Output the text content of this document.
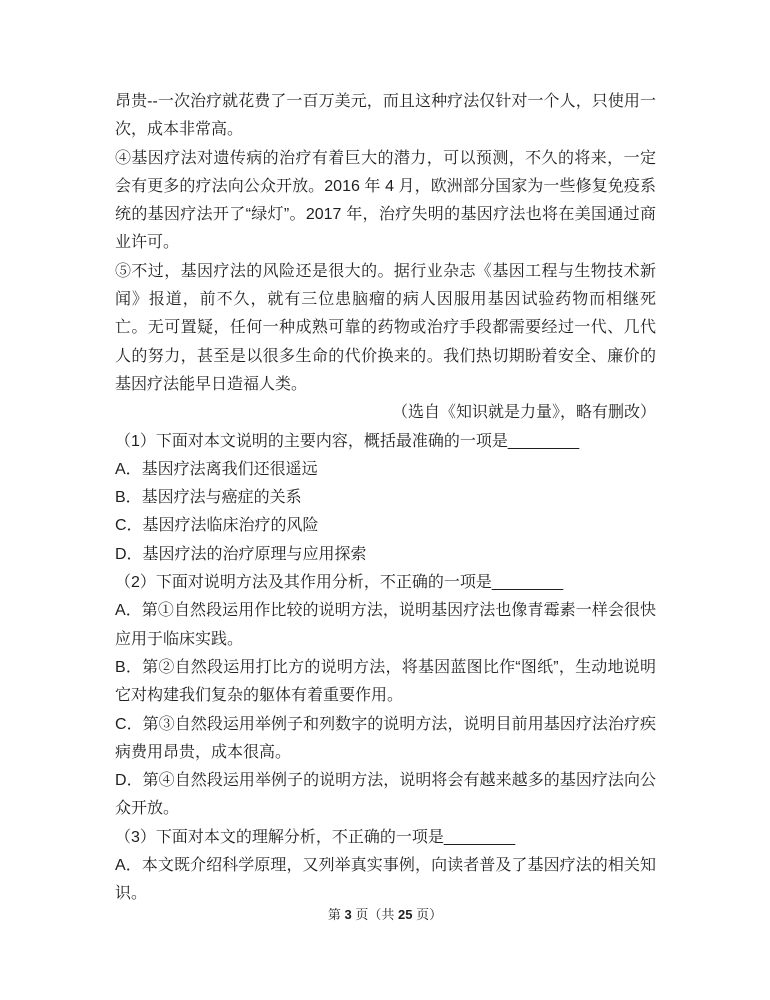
昂贵--一次治疗就花费了一百万美元，而且这种疗法仅针对一个人，只使用一次，成本非常高。

④基因疗法对遗传病的治疗有着巨大的潜力，可以预测，不久的将来，一定会有更多的疗法向公众开放。2016 年 4 月，欧洲部分国家为一些修复免疫系统的基因疗法开了“绿灯”。2017 年，治疗失明的基因疗法也将在美国通过商业许可。

⑤不过，基因疗法的风险还是很大的。据行业杂志《基因工程与生物技术新闻》报道，前不久，就有三位患脑瘤的病人因服用基因试验药物而相继死亡。无可置疑，任何一种成熟可靠的药物或治疗手段都需要经过一代、几代人的努力，甚至是以很多生命的代价换来的。我们热切期盼着安全、廉价的基因疗法能早日造福人类。

（选自《知识就是力量》，略有删改）

（1）下面对本文说明的主要内容，概括最准确的一项是________

A．基因疗法离我们还很遥远

B．基因疗法与癌症的关系

C．基因疗法临床治疗的风险

D．基因疗法的治疗原理与应用探索

（2）下面对说明方法及其作用分析，不正确的一项是________

A．第①自然段运用作比较的说明方法，说明基因疗法也像青霉素一样会很快应用于临床实践。

B．第②自然段运用打比方的说明方法，将基因蓝图比作“图纸”，生动地说明它对构建我们复杂的躯体有着重要作用。

C．第③自然段运用举例子和列数字的说明方法，说明目前用基因疗法治疗疾病费用昂贵，成本很高。

D．第④自然段运用举例子的说明方法，说明将会有越来越多的基因疗法向公众开放。

（3）下面对本文的理解分析，不正确的一项是________

A．本文既介绍科学原理，又列举真实事例，向读者普及了基因疗法的相关知识。

第 3 页（共 25 页）
